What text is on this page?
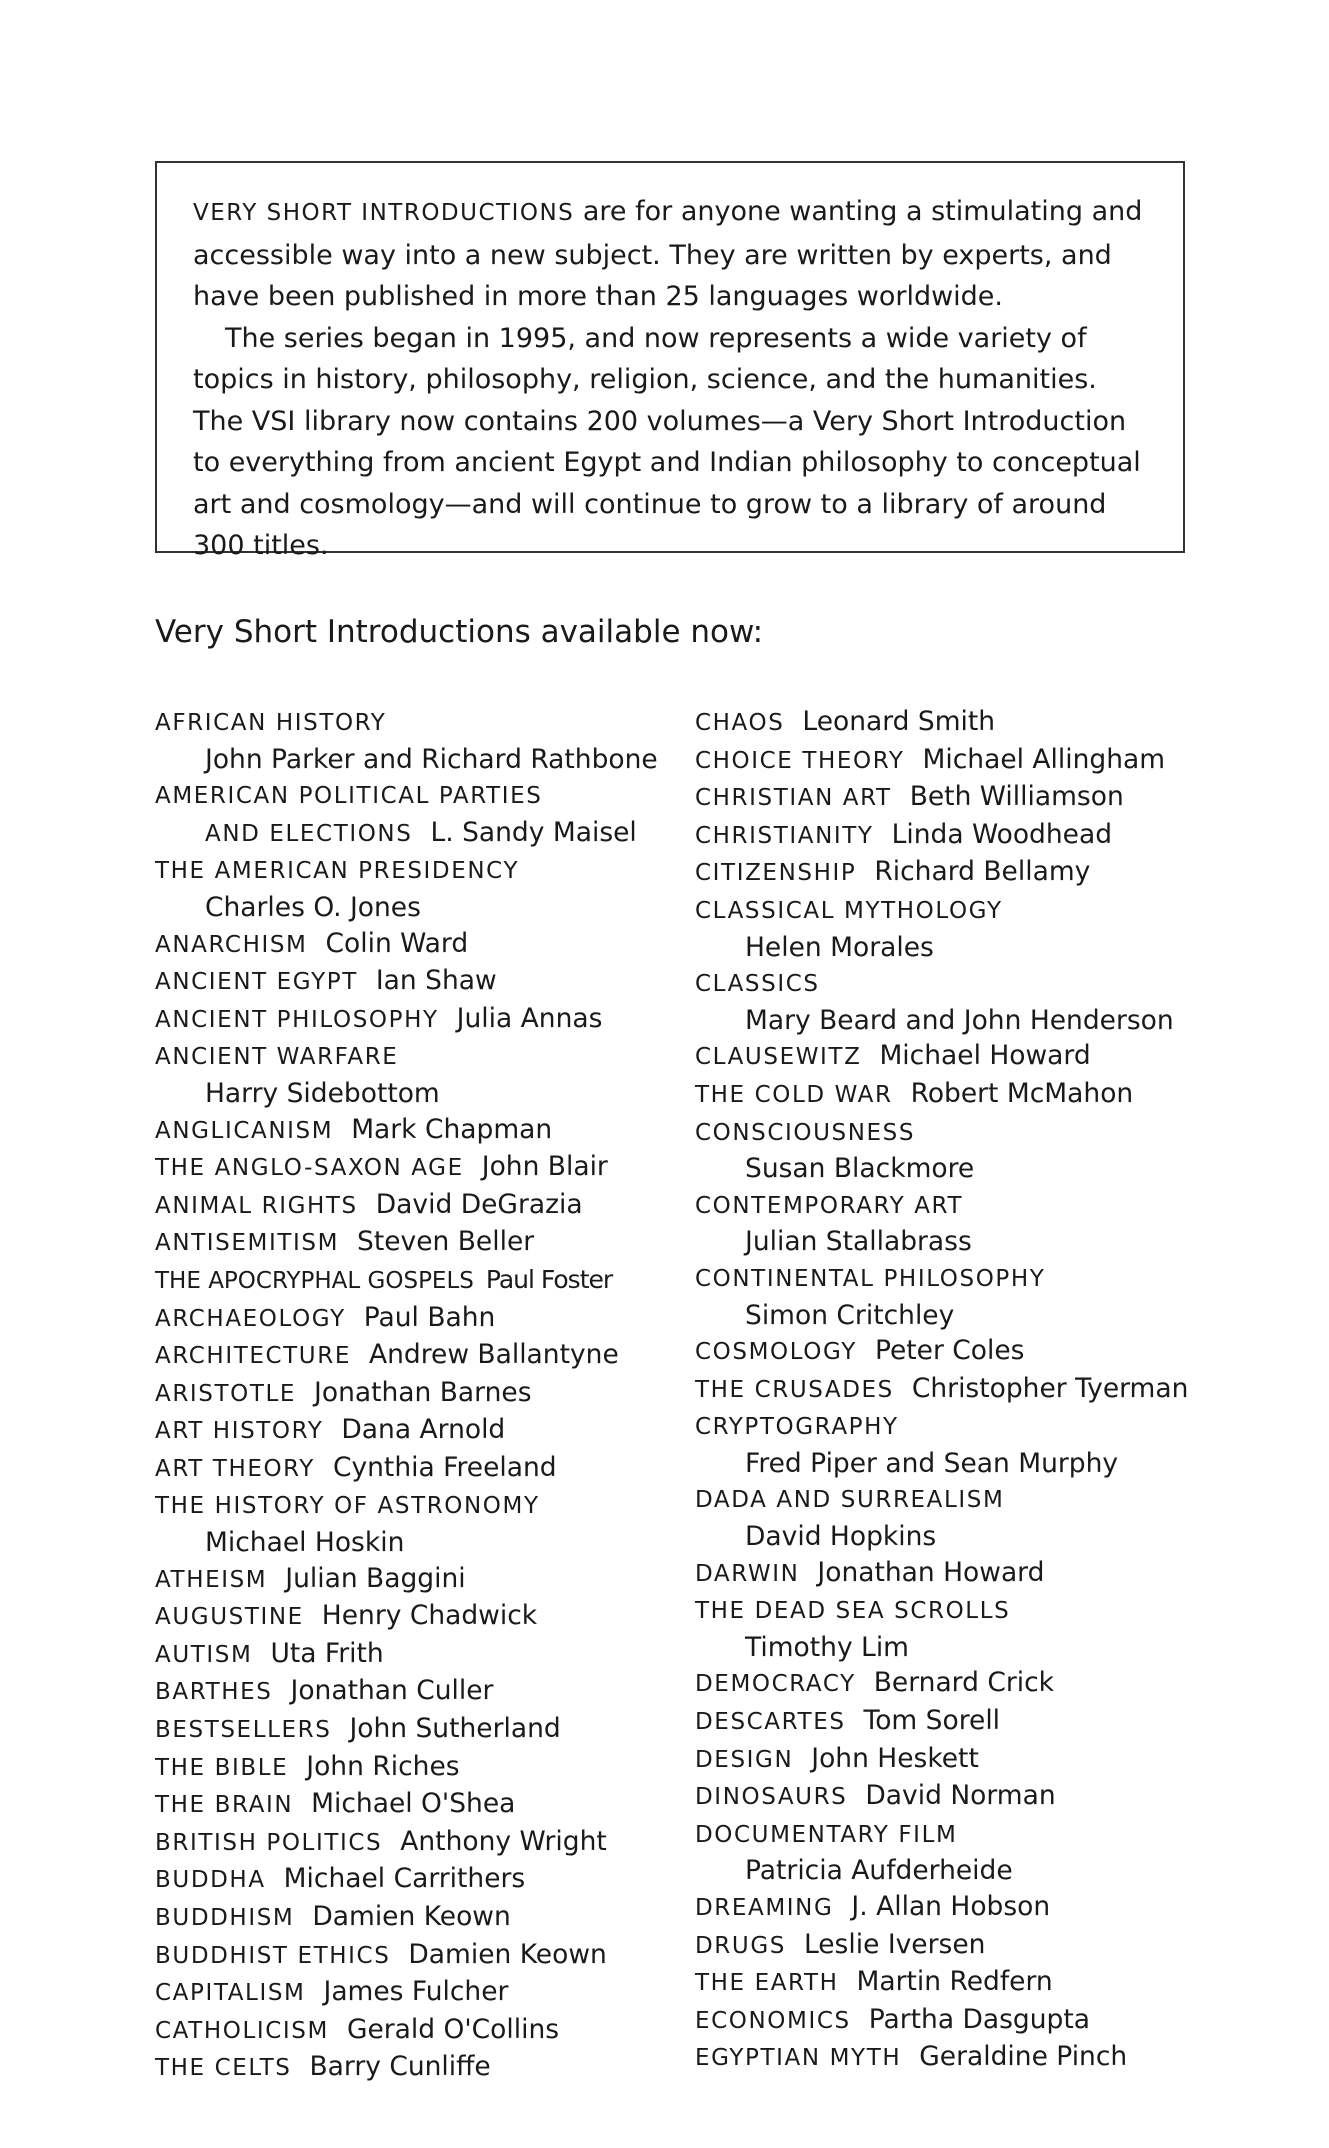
VERY SHORT INTRODUCTIONS are for anyone wanting a stimulating and accessible way into a new subject. They are written by experts, and have been published in more than 25 languages worldwide.

The series began in 1995, and now represents a wide variety of topics in history, philosophy, religion, science, and the humanities. The VSI library now contains 200 volumes—a Very Short Introduction to everything from ancient Egypt and Indian philosophy to conceptual art and cosmology—and will continue to grow to a library of around 300 titles.

Very Short Introductions available now:
AFRICAN HISTORY
John Parker and Richard Rathbone
AMERICAN POLITICAL PARTIES
AND ELECTIONS L. Sandy Maisel
THE AMERICAN PRESIDENCY
Charles O. Jones
ANARCHISM Colin Ward
ANCIENT EGYPT Ian Shaw
ANCIENT PHILOSOPHY Julia Annas
ANCIENT WARFARE
Harry Sidebottom
ANGLICANISM Mark Chapman
THE ANGLO-SAXON AGE John Blair
ANIMAL RIGHTS David DeGrazia
ANTISEMITISM Steven Beller
THE APOCRYPHAL GOSPELS Paul Foster
ARCHAEOLOGY Paul Bahn
ARCHITECTURE Andrew Ballantyne
ARISTOTLE Jonathan Barnes
ART HISTORY Dana Arnold
ART THEORY Cynthia Freeland
THE HISTORY OF ASTRONOMY
Michael Hoskin
ATHEISM Julian Baggini
AUGUSTINE Henry Chadwick
AUTISM Uta Frith
BARTHES Jonathan Culler
BESTSELLERS John Sutherland
THE BIBLE John Riches
THE BRAIN Michael O'Shea
BRITISH POLITICS Anthony Wright
BUDDHA Michael Carrithers
BUDDHISM Damien Keown
BUDDHIST ETHICS Damien Keown
CAPITALISM James Fulcher
CATHOLICISM Gerald O'Collins
THE CELTS Barry Cunliffe
CHAOS Leonard Smith
CHOICE THEORY Michael Allingham
CHRISTIAN ART Beth Williamson
CHRISTIANITY Linda Woodhead
CITIZENSHIP Richard Bellamy
CLASSICAL MYTHOLOGY
Helen Morales
CLASSICS
Mary Beard and John Henderson
CLAUSEWITZ Michael Howard
THE COLD WAR Robert McMahon
CONSCIOUSNESS
Susan Blackmore
CONTEMPORARY ART
Julian Stallabrass
CONTINENTAL PHILOSOPHY
Simon Critchley
COSMOLOGY Peter Coles
THE CRUSADES Christopher Tyerman
CRYPTOGRAPHY
Fred Piper and Sean Murphy
DADA AND SURREALISM
David Hopkins
DARWIN Jonathan Howard
THE DEAD SEA SCROLLS
Timothy Lim
DEMOCRACY Bernard Crick
DESCARTES Tom Sorell
DESIGN John Heskett
DINOSAURS David Norman
DOCUMENTARY FILM
Patricia Aufderheide
DREAMING J. Allan Hobson
DRUGS Leslie Iversen
THE EARTH Martin Redfern
ECONOMICS Partha Dasgupta
EGYPTIAN MYTH Geraldine Pinch
